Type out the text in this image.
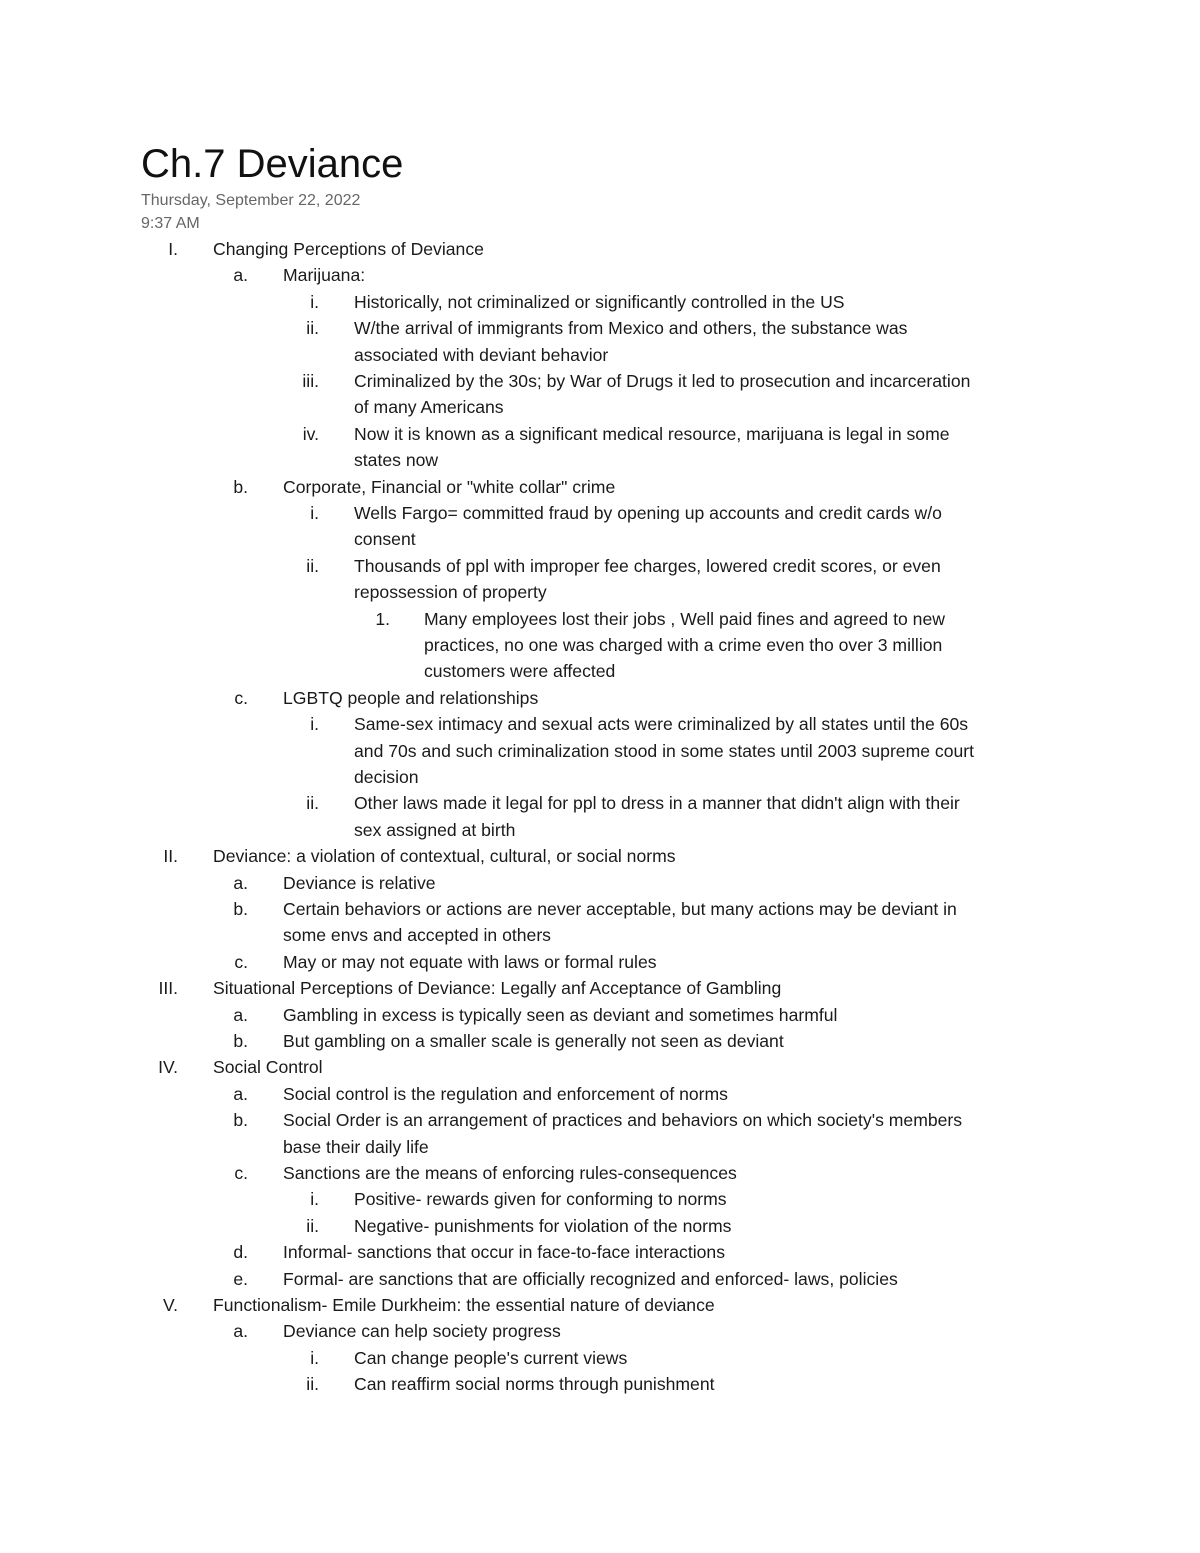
Ch.7 Deviance
Thursday, September 22, 2022
9:37 AM
I. Changing Perceptions of Deviance
a. Marijuana:
i. Historically, not criminalized or significantly controlled in the US
ii. W/the arrival of immigrants from Mexico and others, the substance was
associated with deviant behavior
iii. Criminalized by the 30s; by War of Drugs it led to prosecution and incarceration
of many Americans
iv. Now it is known as a significant medical resource, marijuana is legal in some
states now
b. Corporate, Financial or "white collar" crime
i. Wells Fargo= committed fraud by opening up accounts and credit cards w/o
consent
ii. Thousands of ppl with improper fee charges, lowered credit scores, or even
repossession of property
1. Many employees lost their jobs , Well paid fines and agreed to new
practices, no one was charged with a crime even tho over 3 million
customers were affected
c. LGBTQ people and relationships
i. Same-sex intimacy and sexual acts were criminalized by all states until the 60s
and 70s and such criminalization stood in some states until 2003 supreme court
decision
ii. Other laws made it legal for ppl to dress in a manner that didn't align with their
sex assigned at birth
II. Deviance: a violation of contextual, cultural, or social norms
a. Deviance is relative
b. Certain behaviors or actions are never acceptable, but many actions may be deviant in
some envs and accepted in others
c. May or may not equate with laws or formal rules
III. Situational Perceptions of Deviance: Legally anf Acceptance of Gambling
a. Gambling in excess is typically seen as deviant and sometimes harmful
b. But gambling on a smaller scale is generally not seen as deviant
IV. Social Control
a. Social control is the regulation and enforcement of norms
b. Social Order is an arrangement of practices and behaviors on which society's members
base their daily life
c. Sanctions are the means of enforcing rules-consequences
i. Positive- rewards given for conforming to norms
ii. Negative- punishments for violation of the norms
d. Informal- sanctions that occur in face-to-face interactions
e. Formal- are sanctions that are officially recognized and enforced- laws, policies
V. Functionalism- Emile Durkheim: the essential nature of deviance
a. Deviance can help society progress
i. Can change people's current views
ii. Can reaffirm social norms through punishment
